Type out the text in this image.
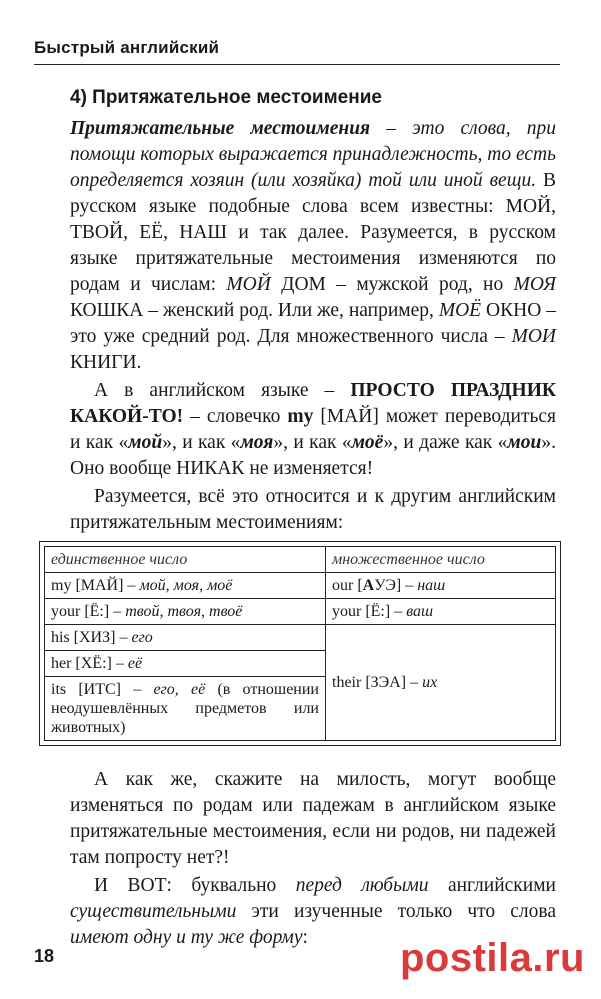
Быстрый английский
4) Притяжательное местоимение

Притяжательные местоимения – это слова, при помощи которых выражается принадлежность, то есть определяется хозяин (или хозяйка) той или иной вещи. В русском языке подобные слова всем известны: МОЙ, ТВОЙ, ЕЁ, НАШ и так далее. Разумеется, в русском языке притяжательные местоимения изменяются по родам и числам: МОЙ ДОМ – мужской род, но МОЯ КОШКА – женский род. Или же, например, МОЁ ОКНО – это уже средний род. Для множественного числа – МОИ КНИГИ.

А в английском языке – ПРОСТО ПРАЗДНИК КАКОЙ-ТО! – словечко my [МАЙ] может переводиться и как «мой», и как «моя», и как «моё», и даже как «мои». Оно вообще НИКАК не изменяется!

Разумеется, всё это относится и к другим английским притяжательным местоимениям:

единственное число	множественное число
my [МАЙ] – мой, моя, моё	our [АУЭ] – наш
your [Ё:] – твой, твоя, твоё	your [Ё:] – ваш
his [ХИЗ] – его	their [ЗЭА] – их
her [ХЁ:] – её	
its [ИТС] – его, её (в отношении неодушевлённых предметов или животных)	

А как же, скажите на милость, могут вообще изменяться по родам или падежам в английском языке притяжательные местоимения, если ни родов, ни падежей там попросту нет?!

И ВОТ: буквально перед любыми английскими существительными эти изученные только что слова имеют одну и ту же форму:

18	postila.ru
